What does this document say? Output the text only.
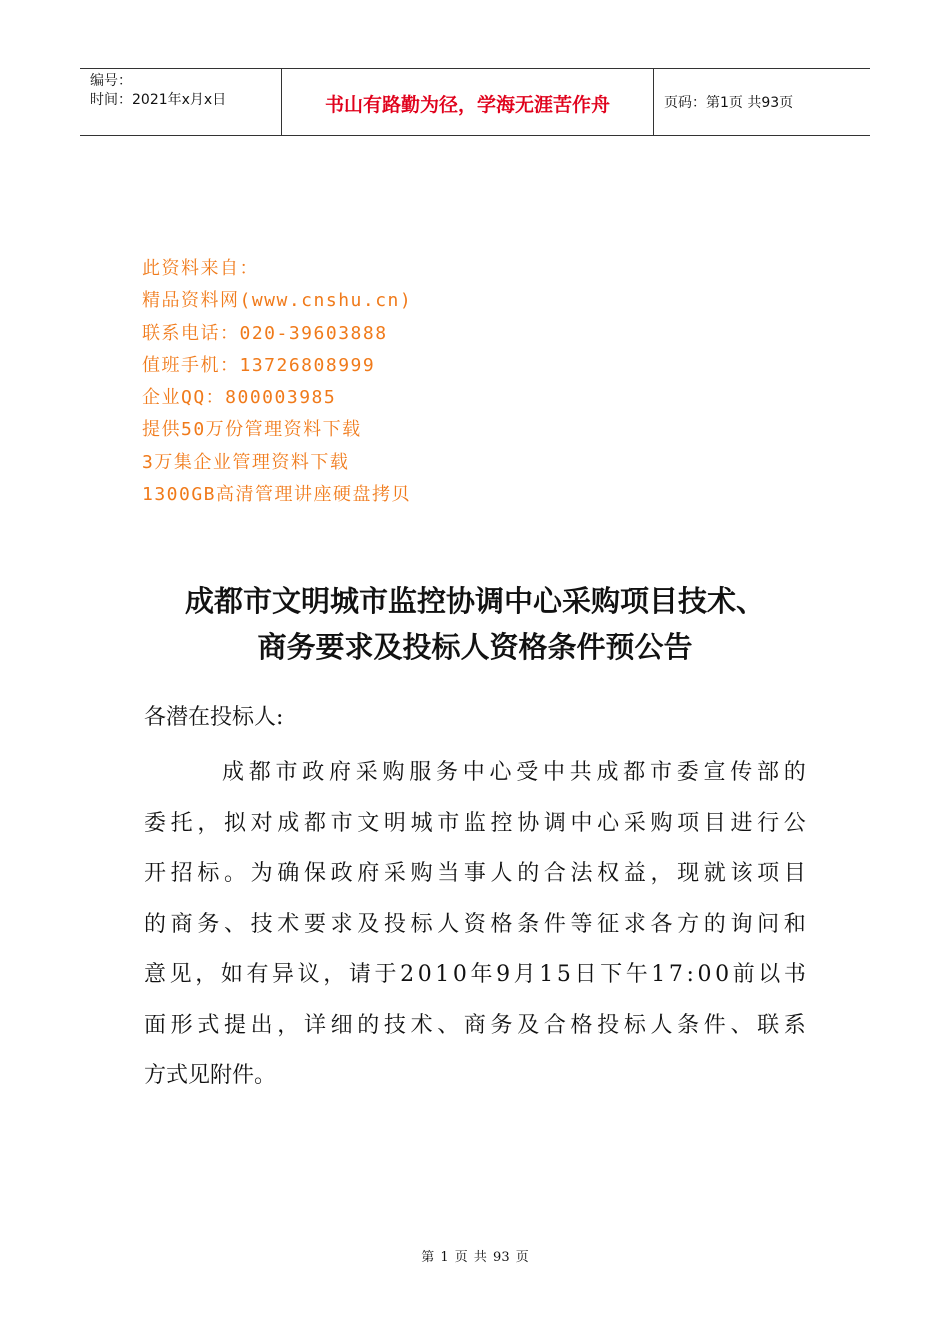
编号：
时间：2021年x月x日	书山有路勤为径，学海无涯苦作舟	页码：第1页 共93页
此资料来自：
精品资料网(www.cnshu.cn)
联系电话：020-39603888
值班手机：13726808999
企业QQ：800003985
提供50万份管理资料下载
3万集企业管理资料下载
1300GB高清管理讲座硬盘拷贝
成都市文明城市监控协调中心采购项目技术、
商务要求及投标人资格条件预公告
各潜在投标人:
成 都 市 政 府 采 购 服 务 中 心 受 中 共 成 都 市 委 宣 传 部 的
委 托 ， 拟 对 成 都 市 文 明 城 市 监 控 协 调 中 心 采 购 项 目 进 行 公
开 招 标 。 为 确 保 政 府 采 购 当 事 人 的 合 法 权 益 ， 现 就 该 项 目
的 商 务 、 技 术 要 求 及 投 标 人 资 格 条 件 等 征 求 各 方 的 询 问 和
意 见 ， 如 有 异 议 ， 请 于 2 0 1 0 年 9 月 1 5 日 下 午 1 7 : 0 0 前 以 书
面 形 式 提 出 ， 详 细 的 技 术 、 商 务 及 合 格 投 标 人 条 件 、 联 系
方式见附件。
第 1 页 共 93 页
